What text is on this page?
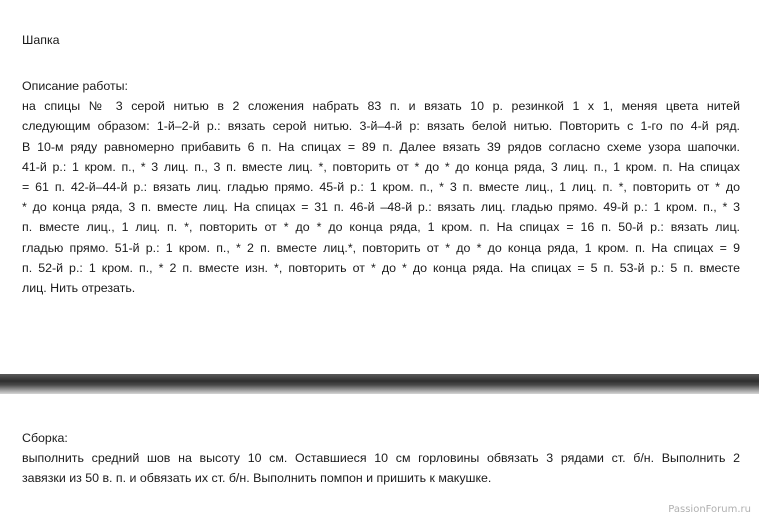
Шапка
Описание работы:
на спицы № 3 серой нитью в 2 сложения набрать 83 п. и вязать 10 р. резинкой 1 х 1, меняя цвета нитей
следующим образом: 1-й–2-й р.: вязать серой нитью. 3-й–4-й р: вязать белой нитью. Повторить с 1-го по 4-й ряд.
В 10-м ряду равномерно прибавить 6 п. На спицах = 89 п. Далее вязать 39 рядов согласно схеме узора шапочки.
41-й р.: 1 кром. п., * 3 лиц. п., 3 п. вместе лиц. *, повторить от * до * до конца ряда, 3 лиц. п., 1 кром. п. На спицах
= 61 п. 42-й–44-й р.: вязать лиц. гладью прямо. 45-й р.: 1 кром. п., * 3 п. вместе лиц., 1 лиц. п. *, повторить от * до
* до конца ряда, 3 п. вместе лиц. На спицах = 31 п. 46-й –48-й р.: вязать лиц. гладью прямо. 49-й р.: 1 кром. п., * 3
п. вместе лиц., 1 лиц. п. *, повторить от * до * до конца ряда, 1 кром. п. На спицах = 16 п. 50-й р.: вязать лиц.
гладью прямо. 51-й р.: 1 кром. п., * 2 п. вместе лиц.*, повторить от * до * до конца ряда, 1 кром. п. На спицах = 9
п. 52-й р.: 1 кром. п., * 2 п. вместе изн. *, повторить от * до * до конца ряда. На спицах = 5 п. 53-й р.: 5 п. вместе
лиц. Нить отрезать.
Сборка:
выполнить средний шов на высоту 10 см. Оставшиеся 10 см горловины обвязать 3 рядами ст. б/н. Выполнить 2
завязки из 50 в. п. и обвязать их ст. б/н. Выполнить помпон и пришить к макушке.
PassionForum.ru
